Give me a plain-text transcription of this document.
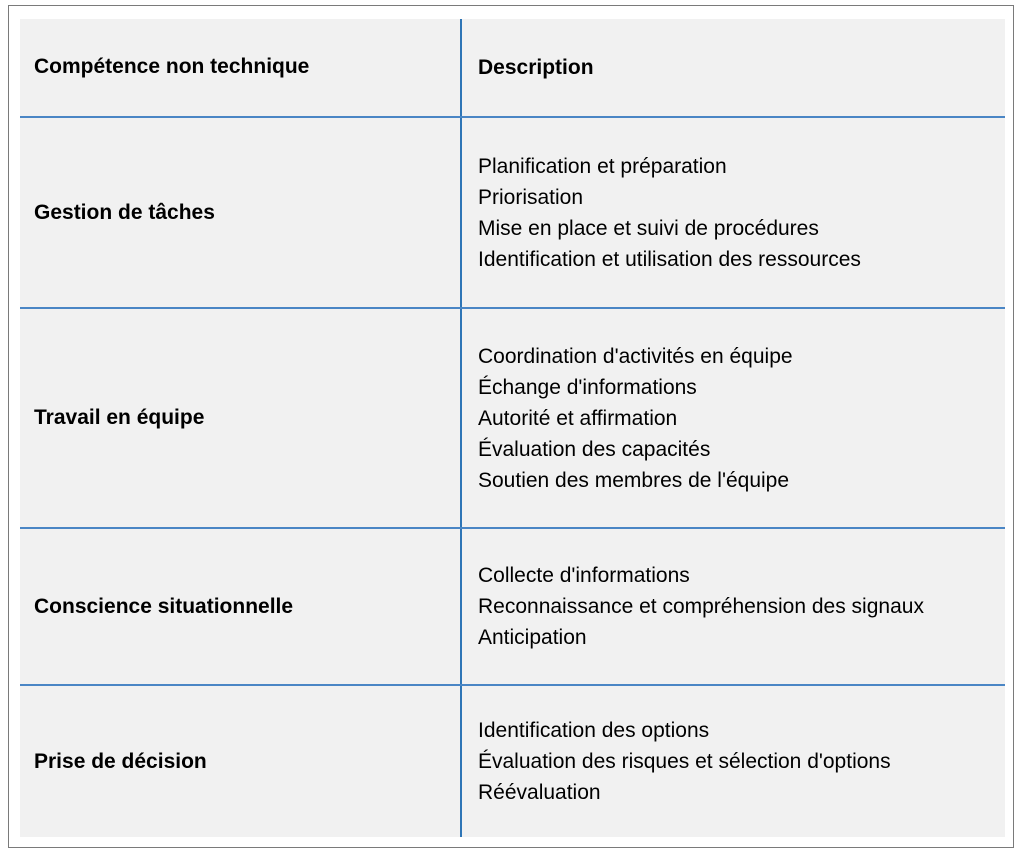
Compétence non technique	Description
Gestion de tâches
Planification et préparation
Priorisation
Mise en place et suivi de procédures
Identification et utilisation des ressources
Travail en équipe
Coordination d'activités en équipe
Échange d'informations
Autorité et affirmation
Évaluation des capacités
Soutien des membres de l'équipe
Conscience situationnelle
Collecte d'informations
Reconnaissance et compréhension des signaux
Anticipation
Prise de décision
Identification des options
Évaluation des risques et sélection d'options
Réévaluation
